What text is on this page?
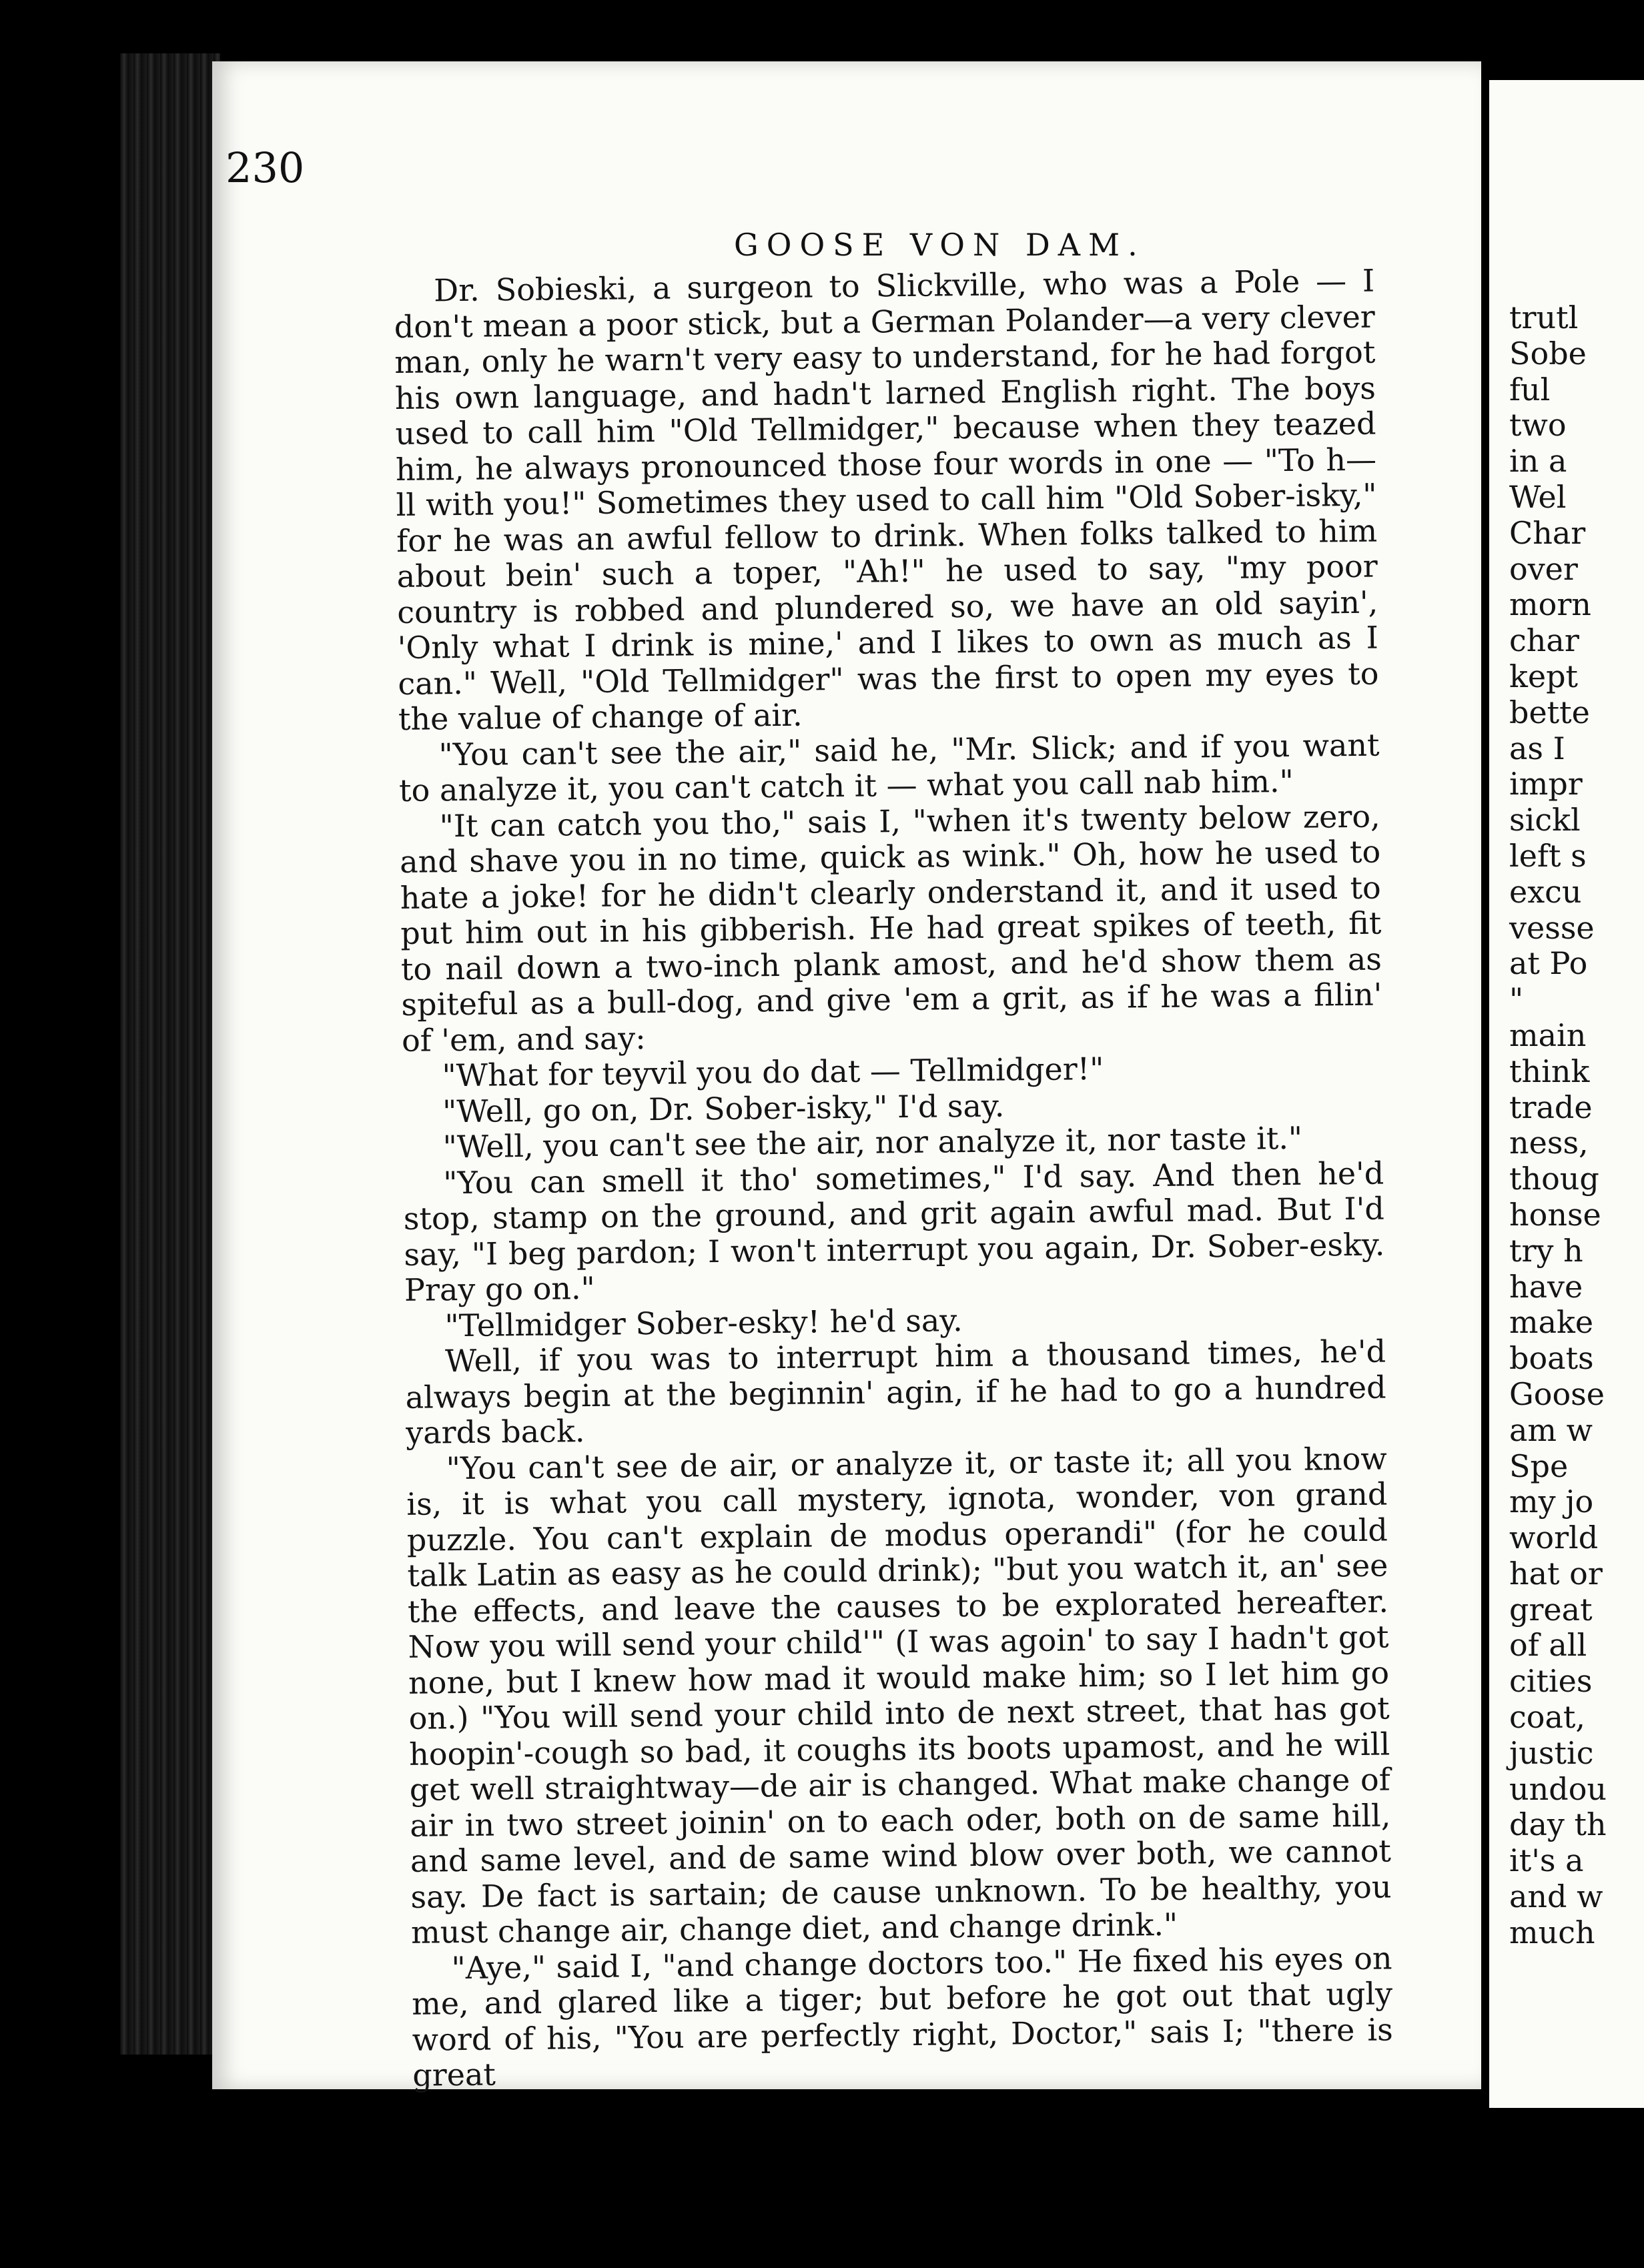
230
GOOSE VON DAM.

Dr. Sobieski, a surgeon to Slickville, who was a Pole — I don't mean a poor stick, but a German Polander—a very clever man, only he warn't very easy to understand, for he had forgot his own language, and hadn't larned English right. The boys used to call him "Old Tellmidger," because when they teazed him, he always pronounced those four words in one — "To h—ll with you!" Sometimes they used to call him "Old Sober-isky," for he was an awful fellow to drink. When folks talked to him about bein' such a toper, "Ah!" he used to say, "my poor country is robbed and plundered so, we have an old sayin', 'Only what I drink is mine,' and I likes to own as much as I can." Well, "Old Tellmidger" was the first to open my eyes to the value of change of air.

"You can't see the air," said he, "Mr. Slick; and if you want to analyze it, you can't catch it — what you call nab him."

"It can catch you tho," sais I, "when it's twenty below zero, and shave you in no time, quick as wink." Oh, how he used to hate a joke! for he didn't clearly onderstand it, and it used to put him out in his gibberish. He had great spikes of teeth, fit to nail down a two-inch plank amost, and he'd show them as spiteful as a bull-dog, and give 'em a grit, as if he was a filin' of 'em, and say:

"What for teyvil you do dat — Tellmidger!"

"Well, go on, Dr. Sober-isky," I'd say.

"Well, you can't see the air, nor analyze it, nor taste it."

"You can smell it tho' sometimes," I'd say. And then he'd stop, stamp on the ground, and grit again awful mad. But I'd say, "I beg pardon; I won't interrupt you again, Dr. Sober-esky. Pray go on."

"Tellmidger Sober-esky! he'd say.

Well, if you was to interrupt him a thousand times, he'd always begin at the beginnin' agin, if he had to go a hundred yards back.

"You can't see de air, or analyze it, or taste it; all you know is, it is what you call mystery, ignota, wonder, von grand puzzle. You can't explain de modus operandi" (for he could talk Latin as easy as he could drink); "but you watch it, an' see the effects, and leave the causes to be explorated hereafter. Now you will send your child'" (I was agoin' to say I hadn't got none, but I knew how mad it would make him; so I let him go on.) "You will send your child into de next street, that has got hoopin'-cough so bad, it coughs its boots upamost, and he will get well straightway—de air is changed. What make change of air in two street joinin' on to each oder, both on de same hill, and same level, and de same wind blow over both, we cannot say. De fact is sartain; de cause unknown. To be healthy, you must change air, change diet, and change drink."

"Aye," said I, "and change doctors too." He fixed his eyes on me, and glared like a tiger; but before he got out that ugly word of his, "You are perfectly right, Doctor," sais I; "there is great

trutl
Sobe
ful
two
in a
Wel
Char
over
morn
char
kept
bette
as I
impr
sickl
left s
excu
vesse
at Po
"
main
think
trade
ness,
thoug
honse
try h
have
make
boats
Goose
am w
Spe
my jo
world
hat or
great
of all
cities
coat,
justic
undou
day th
it's a
and w
much
